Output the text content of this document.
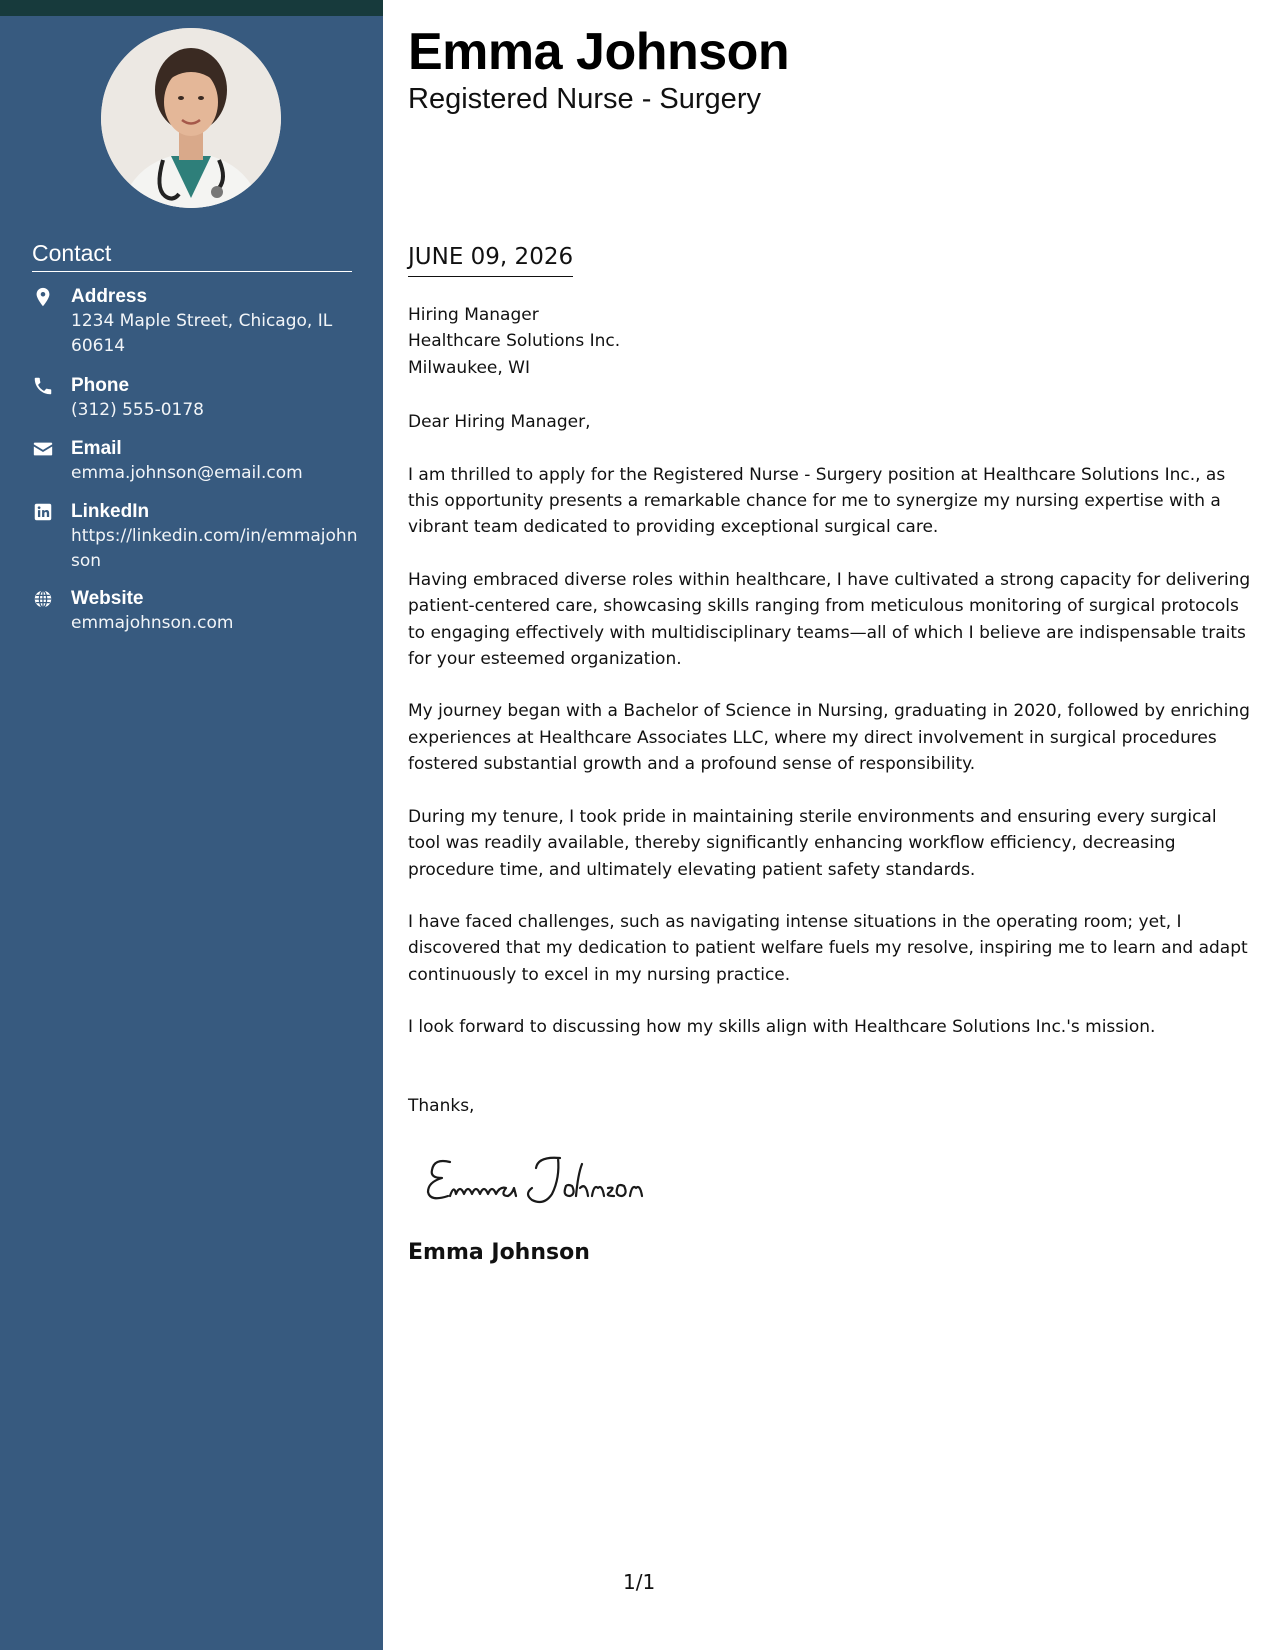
Contact
Address
1234 Maple Street, Chicago, IL 60614
Phone
(312) 555-0178
Email
emma.johnson@email.com
LinkedIn
https://linkedin.com/in/emmajohnson
Website
emmajohnson.com
Emma Johnson
Registered Nurse - Surgery
JUNE 09, 2026
Hiring Manager
Healthcare Solutions Inc.
Milwaukee, WI
Dear Hiring Manager,

I am thrilled to apply for the Registered Nurse - Surgery position at Healthcare Solutions Inc., as this opportunity presents a remarkable chance for me to synergize my nursing expertise with a vibrant team dedicated to providing exceptional surgical care.

Having embraced diverse roles within healthcare, I have cultivated a strong capacity for delivering patient-centered care, showcasing skills ranging from meticulous monitoring of surgical protocols to engaging effectively with multidisciplinary teams—all of which I believe are indispensable traits for your esteemed organization.

My journey began with a Bachelor of Science in Nursing, graduating in 2020, followed by enriching experiences at Healthcare Associates LLC, where my direct involvement in surgical procedures fostered substantial growth and a profound sense of responsibility.

During my tenure, I took pride in maintaining sterile environments and ensuring every surgical tool was readily available, thereby significantly enhancing workflow efficiency, decreasing procedure time, and ultimately elevating patient safety standards.

I have faced challenges, such as navigating intense situations in the operating room; yet, I discovered that my dedication to patient welfare fuels my resolve, inspiring me to learn and adapt continuously to excel in my nursing practice.

I look forward to discussing how my skills align with Healthcare Solutions Inc.'s mission.

Thanks,
Emma Johnson
1/1
